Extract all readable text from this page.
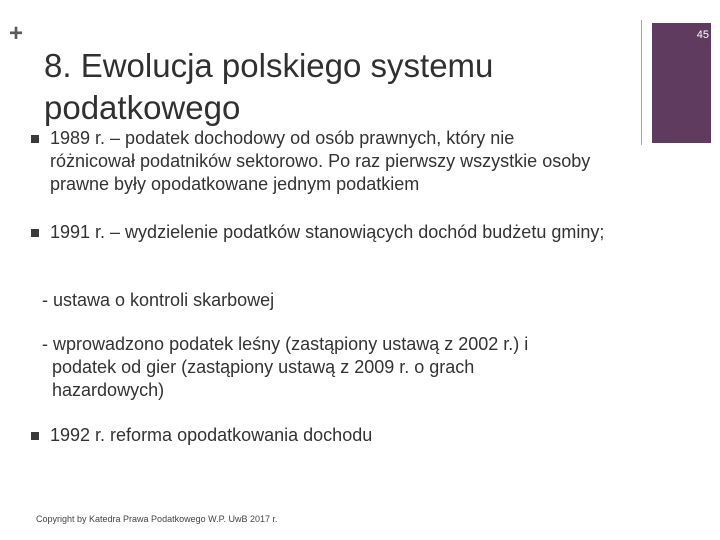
+	45
8. Ewolucja polskiego systemu podatkowego
1989 r. – podatek dochodowy od osób prawnych, który nie różnicował podatników sektorowo. Po raz pierwszy wszystkie osoby prawne były opodatkowane jednym podatkiem
1991 r. – wydzielenie podatków stanowiących dochód budżetu gminy;
- ustawa o kontroli skarbowej
- wprowadzono podatek leśny (zastąpiony ustawą z 2002 r.) i
podatek od gier (zastąpiony ustawą z 2009 r. o grach
hazardowych)
1992 r. reforma opodatkowania dochodu
Copyright by Katedra Prawa Podatkowego W.P. UwB 2017 r.
